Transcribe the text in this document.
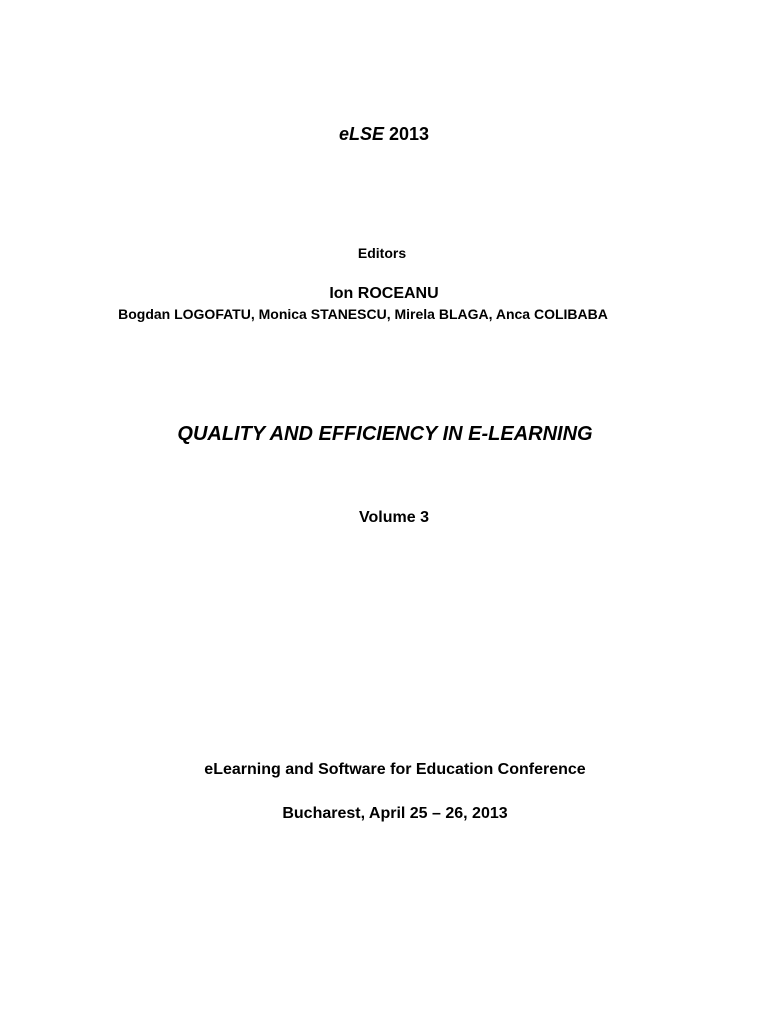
eLSE 2013
Editors
Ion ROCEANU
Bogdan LOGOFATU, Monica STANESCU, Mirela BLAGA, Anca COLIBABA
QUALITY AND EFFICIENCY IN E-LEARNING
Volume 3
eLearning and Software for Education Conference
Bucharest, April 25 – 26, 2013
